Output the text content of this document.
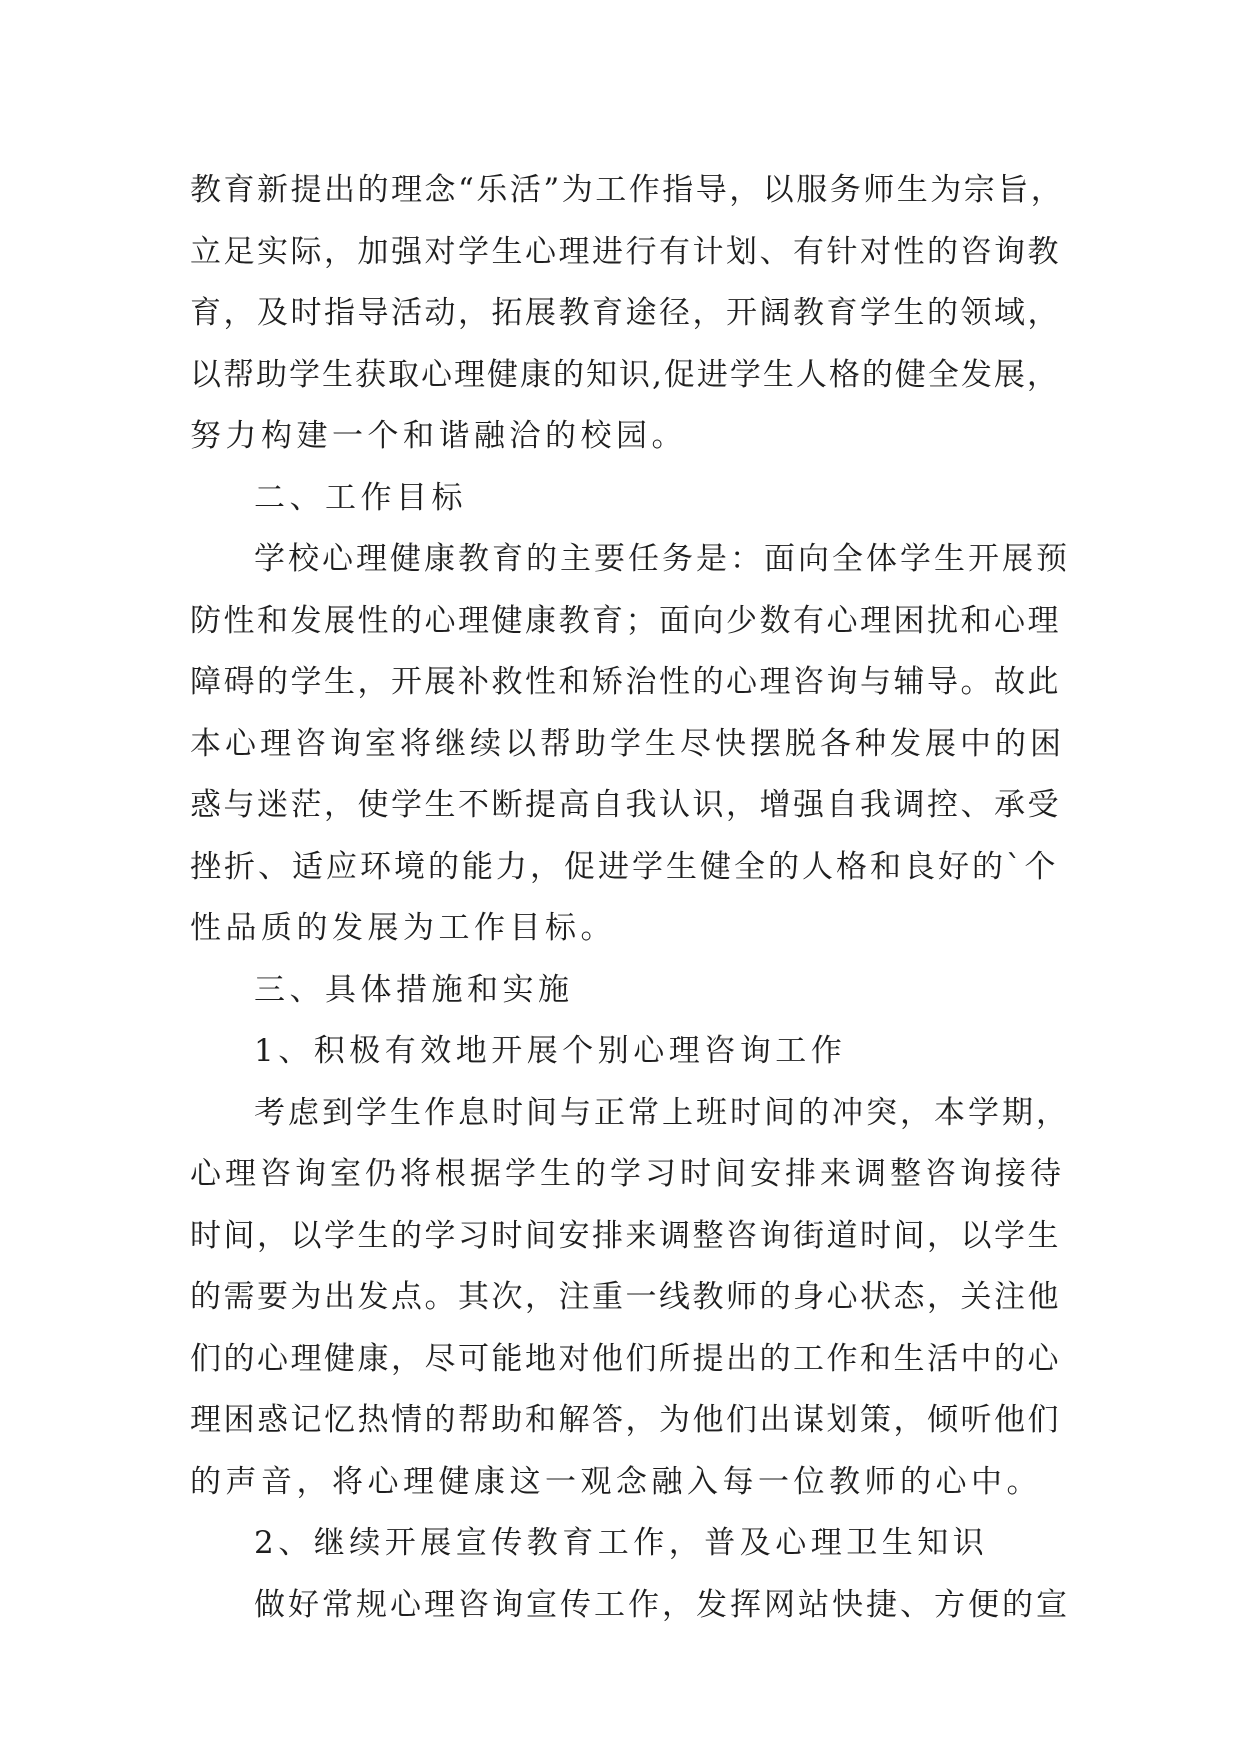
教育新提出的理念“乐活”为工作指导，以服务师生为宗旨，
立足实际，加强对学生心理进行有计划、有针对性的咨询教
育，及时指导活动，拓展教育途径，开阔教育学生的领域，
以帮助学生获取心理健康的知识,促进学生人格的健全发展，
努力构建一个和谐融洽的校园。
二、工作目标
学校心理健康教育的主要任务是：面向全体学生开展预
防性和发展性的心理健康教育；面向少数有心理困扰和心理
障碍的学生，开展补救性和矫治性的心理咨询与辅导。故此
本心理咨询室将继续以帮助学生尽快摆脱各种发展中的困
惑与迷茫，使学生不断提高自我认识，增强自我调控、承受
挫折、适应环境的能力，促进学生健全的人格和良好的`个
性品质的发展为工作目标。
三、具体措施和实施
1、积极有效地开展个别心理咨询工作
考虑到学生作息时间与正常上班时间的冲突，本学期，
心理咨询室仍将根据学生的学习时间安排来调整咨询接待
时间，以学生的学习时间安排来调整咨询街道时间，以学生
的需要为出发点。其次，注重一线教师的身心状态，关注他
们的心理健康，尽可能地对他们所提出的工作和生活中的心
理困惑记忆热情的帮助和解答，为他们出谋划策，倾听他们
的声音，将心理健康这一观念融入每一位教师的心中。
2、继续开展宣传教育工作，普及心理卫生知识
做好常规心理咨询宣传工作，发挥网站快捷、方便的宣
